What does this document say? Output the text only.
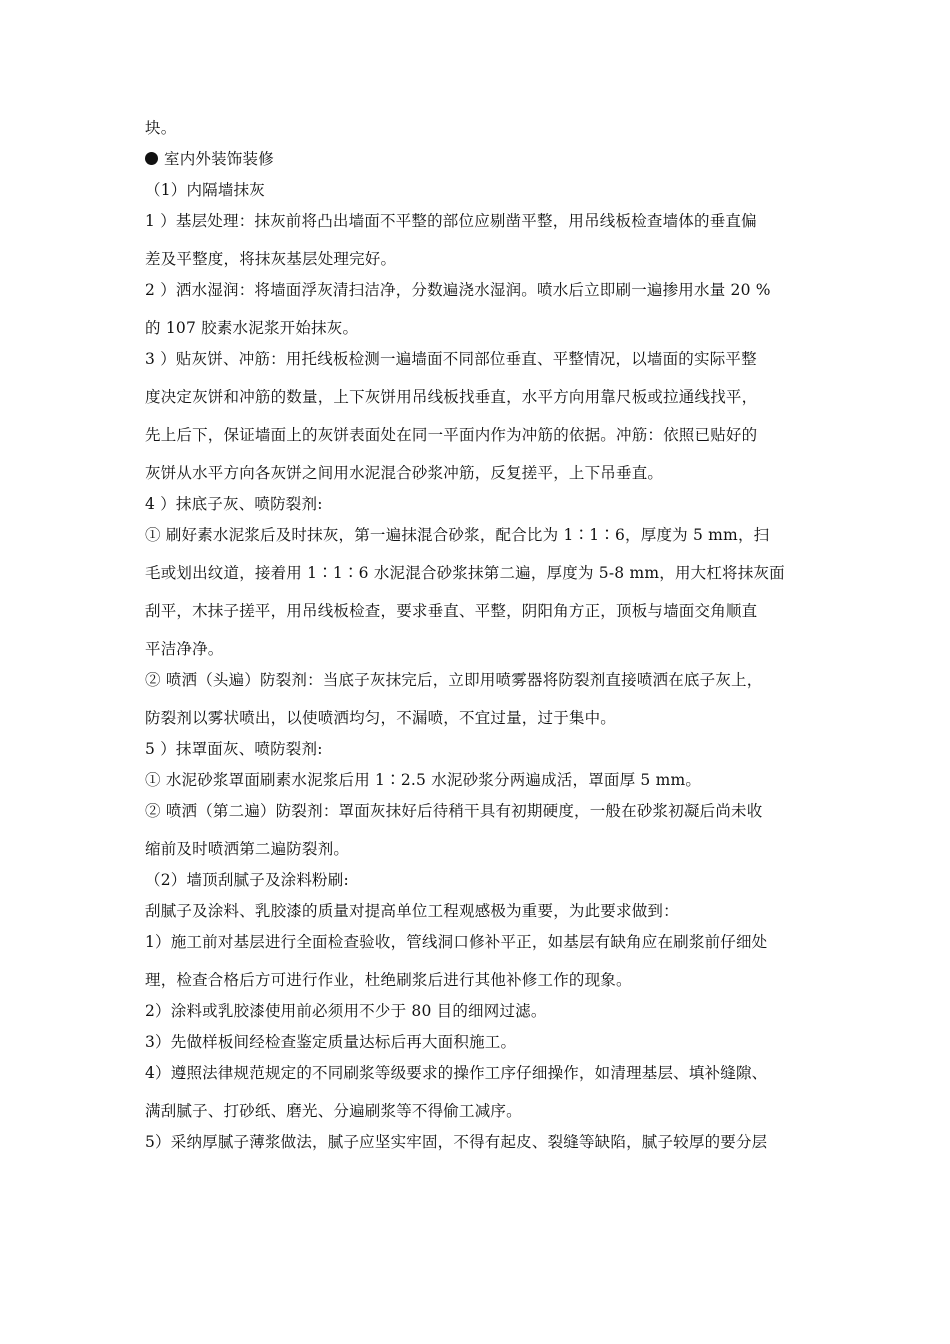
块。
室内外装饰装修
（1）内隔墙抹灰
1 ）基层处理：抹灰前将凸出墙面不平整的部位应剔凿平整，用吊线板检查墙体的垂直偏
差及平整度，将抹灰基层处理完好。
2 ）洒水湿润：将墙面浮灰清扫洁净，分数遍浇水湿润。喷水后立即刷一遍掺用水量 20 %
的 107 胶素水泥浆开始抹灰。
3 ）贴灰饼、冲筋：用托线板检测一遍墙面不同部位垂直、平整情况，以墙面的实际平整
度决定灰饼和冲筋的数量，上下灰饼用吊线板找垂直，水平方向用靠尺板或拉通线找平，
先上后下，保证墙面上的灰饼表面处在同一平面内作为冲筋的依据。冲筋：依照已贴好的
灰饼从水平方向各灰饼之间用水泥混合砂浆冲筋，反复搓平，上下吊垂直。
4 ）抹底子灰、喷防裂剂:
① 刷好素水泥浆后及时抹灰，第一遍抹混合砂浆，配合比为 1∶1∶6，厚度为 5 mm，扫
毛或划出纹道，接着用 1∶1∶6 水泥混合砂浆抹第二遍，厚度为 5-8 mm，用大杠将抹灰面
刮平，木抹子搓平，用吊线板检查，要求垂直、平整，阴阳角方正，顶板与墙面交角顺直
平洁净净。
② 喷洒（头遍）防裂剂：当底子灰抹完后，立即用喷雾器将防裂剂直接喷洒在底子灰上，
防裂剂以雾状喷出，以使喷洒均匀，不漏喷，不宜过量，过于集中。
5 ）抹罩面灰、喷防裂剂:
① 水泥砂浆罩面刷素水泥浆后用 1∶2.5 水泥砂浆分两遍成活，罩面厚 5 mm。
② 喷洒（第二遍）防裂剂：罩面灰抹好后待稍干具有初期硬度，一般在砂浆初凝后尚未收
缩前及时喷洒第二遍防裂剂。
（2）墙顶刮腻子及涂料粉刷:
刮腻子及涂料、乳胶漆的质量对提高单位工程观感极为重要，为此要求做到：
1）施工前对基层进行全面检查验收，管线洞口修补平正，如基层有缺角应在刷浆前仔细处
理，检查合格后方可进行作业，杜绝刷浆后进行其他补修工作的现象。
2）涂料或乳胶漆使用前必须用不少于 80 目的细网过滤。
3）先做样板间经检查鉴定质量达标后再大面积施工。
4）遵照法律规范规定的不同刷浆等级要求的操作工序仔细操作，如清理基层、填补缝隙、
满刮腻子、打砂纸、磨光、分遍刷浆等不得偷工减序。
5）采纳厚腻子薄浆做法，腻子应坚实牢固，不得有起皮、裂缝等缺陷，腻子较厚的要分层
